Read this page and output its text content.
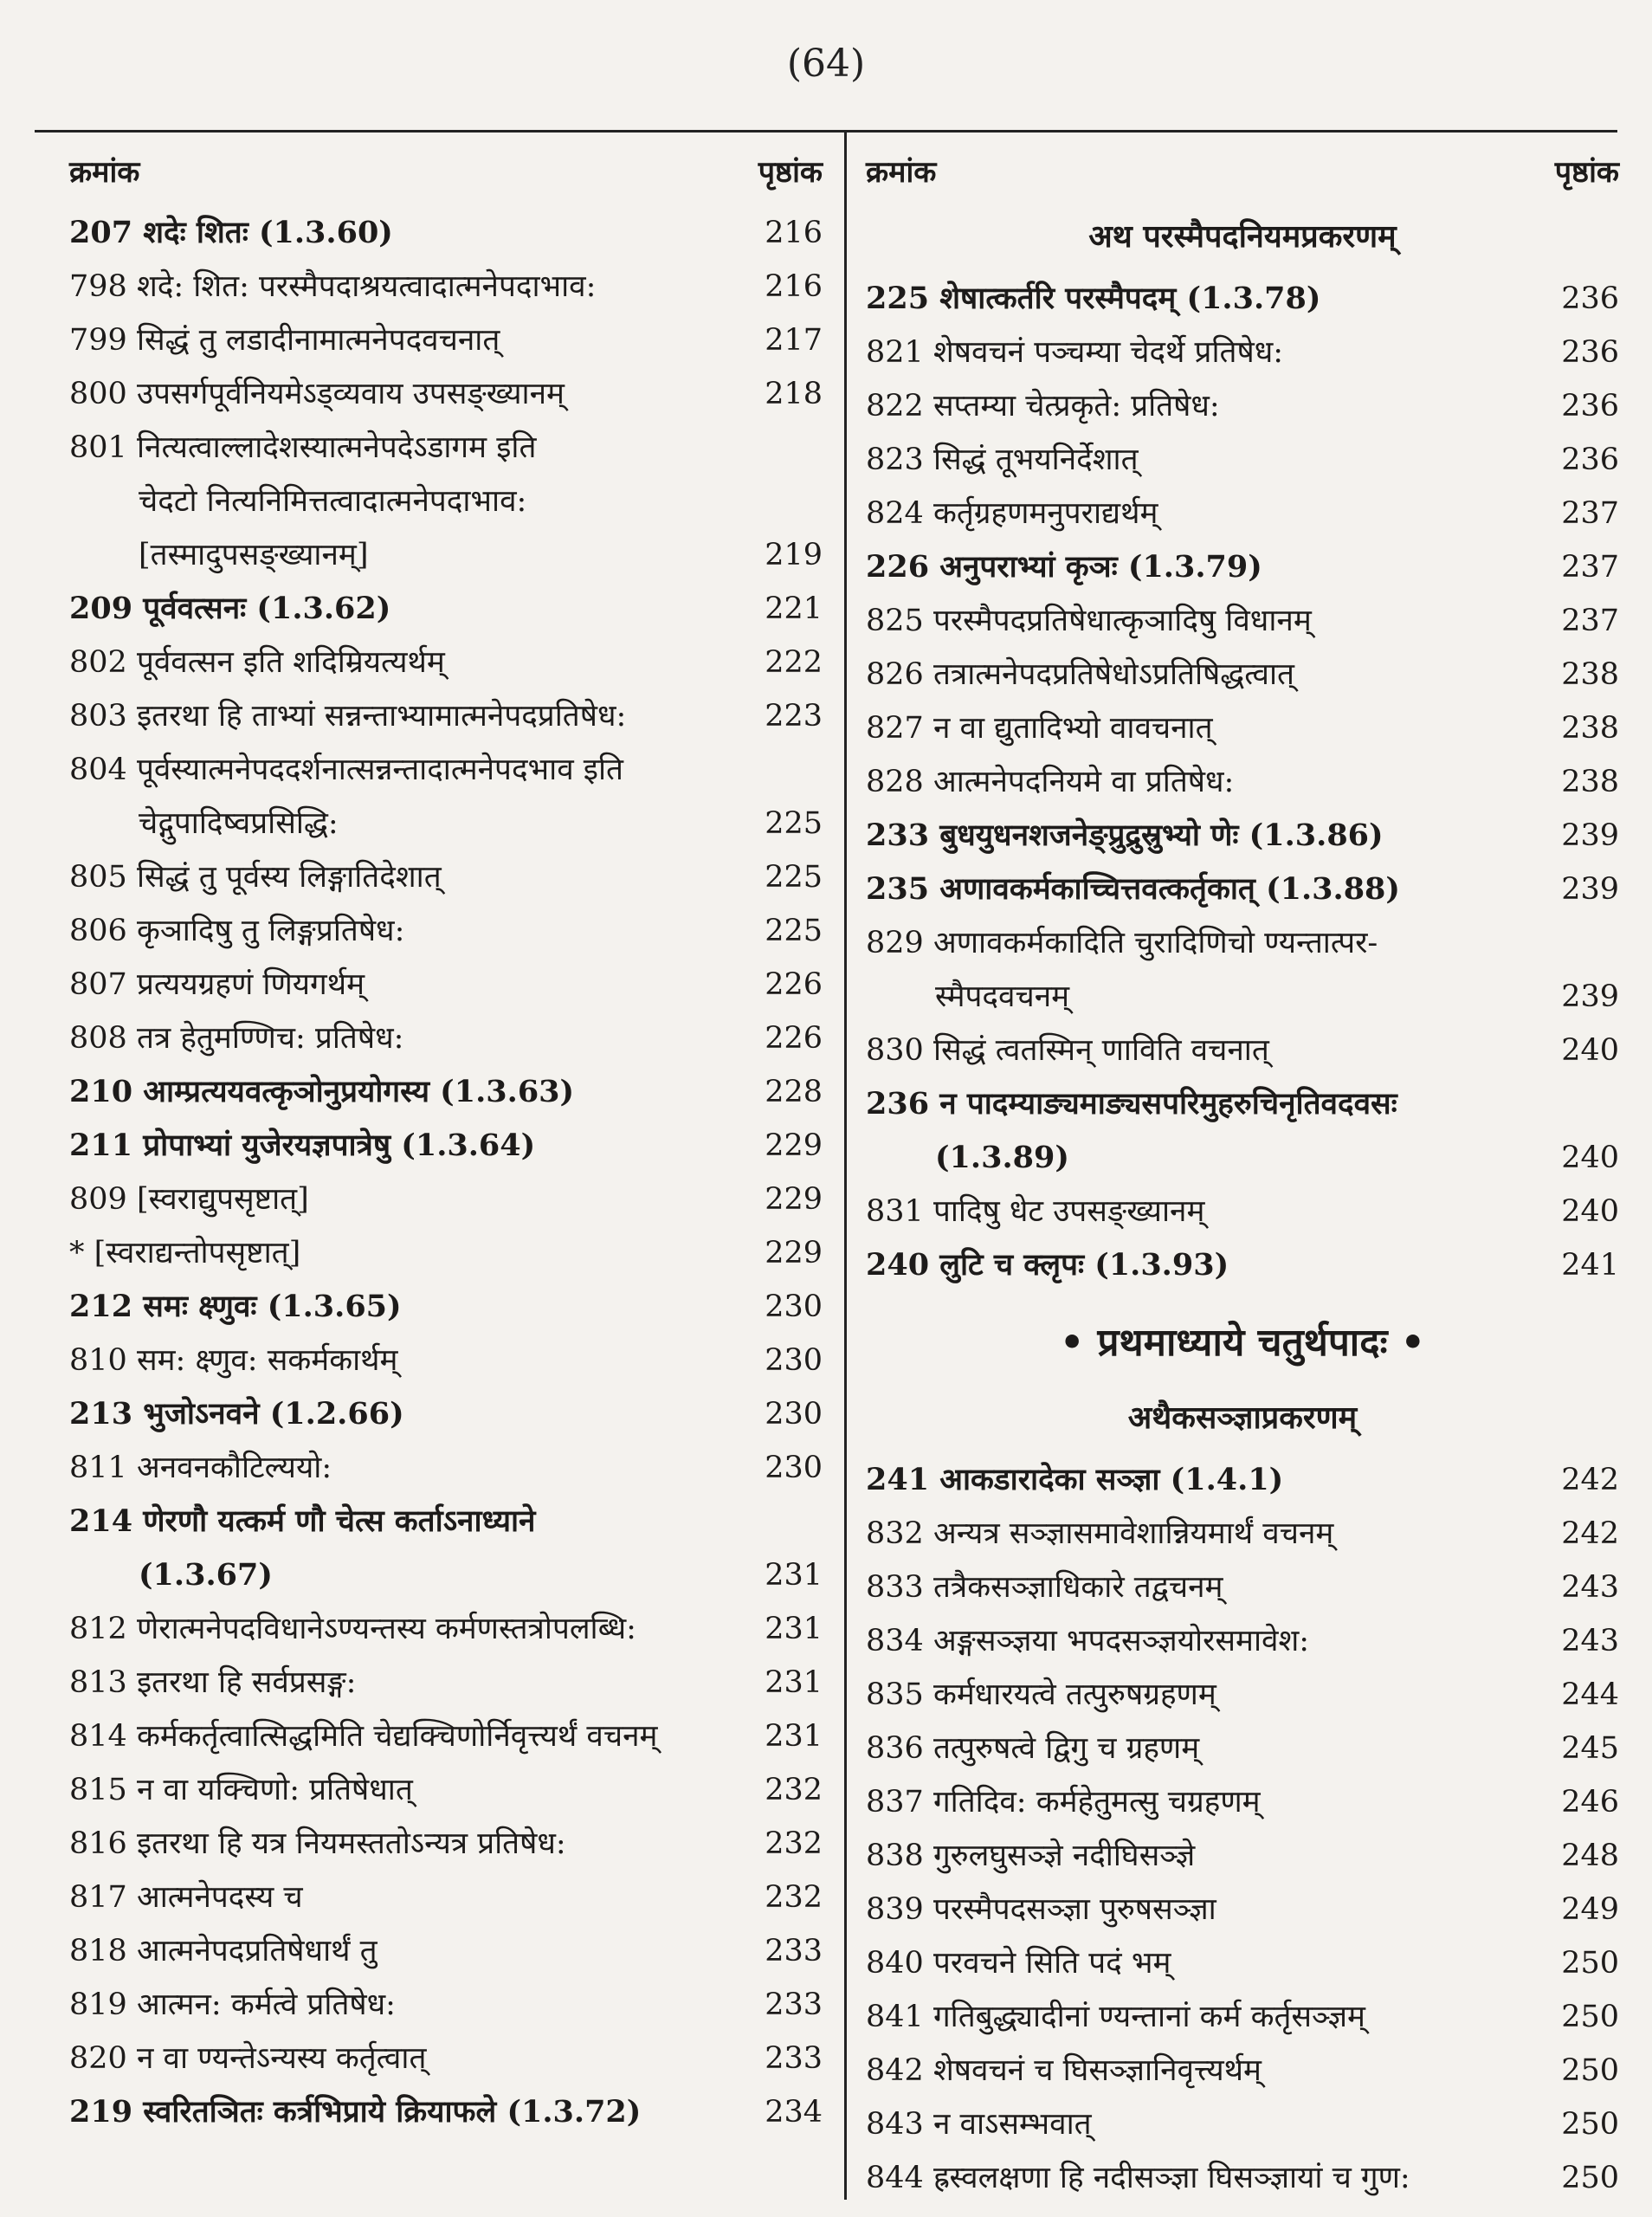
(64)
क्रमांक	पृष्ठांक
207 शदेः शितः (1.3.60)	216
798 शदे: शित: परस्मैपदाश्रयत्वादात्मनेपदाभाव:	216
799 सिद्धं तु लडादीनामात्मनेपदवचनात्	217
800 उपसर्गपूर्वनियमेऽड्व्यवाय उपसङ्ख्यानम्	218
801 नित्यत्वाल्लादेशस्यात्मनेपदेऽडागम इति
चेदटो नित्यनिमित्तत्वादात्मनेपदाभाव:
[तस्मादुपसङ्ख्यानम्]	219
209 पूर्ववत्सनः (1.3.62)	221
802 पूर्ववत्सन इति शदिम्रियत्यर्थम्	222
803 इतरथा हि ताभ्यां सन्नन्ताभ्यामात्मनेपदप्रतिषेध:	223
804 पूर्वस्यात्मनेपददर्शनात्सन्नन्तादात्मनेपदभाव इति
चेद्गुपादिष्वप्रसिद्धि:	225
805 सिद्धं तु पूर्वस्य लिङ्गातिदेशात्	225
806 कृञादिषु तु लिङ्गप्रतिषेध:	225
807 प्रत्ययग्रहणं णियगर्थम्	226
808 तत्र हेतुमण्णिच: प्रतिषेध:	226
210 आम्प्रत्ययवत्कृञोनुप्रयोगस्य (1.3.63)	228
211 प्रोपाभ्यां युजेरयज्ञपात्रेषु (1.3.64)	229
809 [स्वराद्युपसृष्टात्]	229
* [स्वराद्यन्तोपसृष्टात्]	229
212 समः क्ष्णुवः (1.3.65)	230
810 सम: क्ष्णुव: सकर्मकार्थम्	230
213 भुजोऽनवने (1.2.66)	230
811 अनवनकौटिल्ययो:	230
214 णेरणौ यत्कर्म णौ चेत्स कर्ताऽनाध्याने
(1.3.67)	231
812 णेरात्मनेपदविधानेऽण्यन्तस्य कर्मणस्तत्रोपलब्धि:	231
813 इतरथा हि सर्वप्रसङ्ग:	231
814 कर्मकर्तृत्वात्सिद्धमिति चेद्यक्चिणोर्निवृत्त्यर्थं वचनम्	231
815 न वा यक्चिणो: प्रतिषेधात्	232
816 इतरथा हि यत्र नियमस्ततोऽन्यत्र प्रतिषेध:	232
817 आत्मनेपदस्य च	232
818 आत्मनेपदप्रतिषेधार्थं तु	233
819 आत्मन: कर्मत्वे प्रतिषेध:	233
820 न वा ण्यन्तेऽन्यस्य कर्तृत्वात्	233
219 स्वरितञितः कर्त्रभिप्राये क्रियाफले (1.3.72)	234
क्रमांक	पृष्ठांक
अथ परस्मैपदनियमप्रकरणम्
225 शेषात्कर्तरि परस्मैपदम् (1.3.78)	236
821 शेषवचनं पञ्चम्या चेदर्थे प्रतिषेध:	236
822 सप्तम्या चेत्प्रकृते: प्रतिषेध:	236
823 सिद्धं तूभयनिर्देशात्	236
824 कर्तृग्रहणमनुपराद्यर्थम्	237
226 अनुपराभ्यां कृञः (1.3.79)	237
825 परस्मैपदप्रतिषेधात्कृञादिषु विधानम्	237
826 तत्रात्मनेपदप्रतिषेधोऽप्रतिषिद्धत्वात्	238
827 न वा द्युतादिभ्यो वावचनात्	238
828 आत्मनेपदनियमे वा प्रतिषेध:	238
233 बुधयुधनशजनेङ्प्रुद्रुस्रुभ्यो णेः (1.3.86)	239
235 अणावकर्मकाच्चित्तवत्कर्तृकात् (1.3.88)	239
829 अणावकर्मकादिति चुरादिणिचो ण्यन्तात्पर-
स्मैपदवचनम्	239
830 सिद्धं त्वतस्मिन् णाविति वचनात्	240
236 न पादम्याङ्यमाङ्यसपरिमुहरुचिनृतिवदवसः
(1.3.89)	240
831 पादिषु धेट उपसङ्ख्यानम्	240
240 लुटि च क्लृपः (1.3.93)	241
• प्रथमाध्याये चतुर्थपादः •
अथैकसञ्ज्ञाप्रकरणम्
241 आकडारादेका सञ्ज्ञा (1.4.1)	242
832 अन्यत्र सञ्ज्ञासमावेशान्नियमार्थं वचनम्	242
833 तत्रैकसञ्ज्ञाधिकारे तद्वचनम्	243
834 अङ्गसञ्ज्ञया भपदसञ्ज्ञयोरसमावेश:	243
835 कर्मधारयत्वे तत्पुरुषग्रहणम्	244
836 तत्पुरुषत्वे द्विगु च ग्रहणम्	245
837 गतिदिव: कर्महेतुमत्सु चग्रहणम्	246
838 गुरुलघुसञ्ज्ञे नदीघिसञ्ज्ञे	248
839 परस्मैपदसञ्ज्ञा पुरुषसञ्ज्ञा	249
840 परवचने सिति पदं भम्	250
841 गतिबुद्ध्यादीनां ण्यन्तानां कर्म कर्तृसञ्ज्ञम्	250
842 शेषवचनं च घिसञ्ज्ञानिवृत्त्यर्थम्	250
843 न वाऽसम्भवात्	250
844 ह्रस्वलक्षणा हि नदीसञ्ज्ञा घिसञ्ज्ञायां च गुण:	250
